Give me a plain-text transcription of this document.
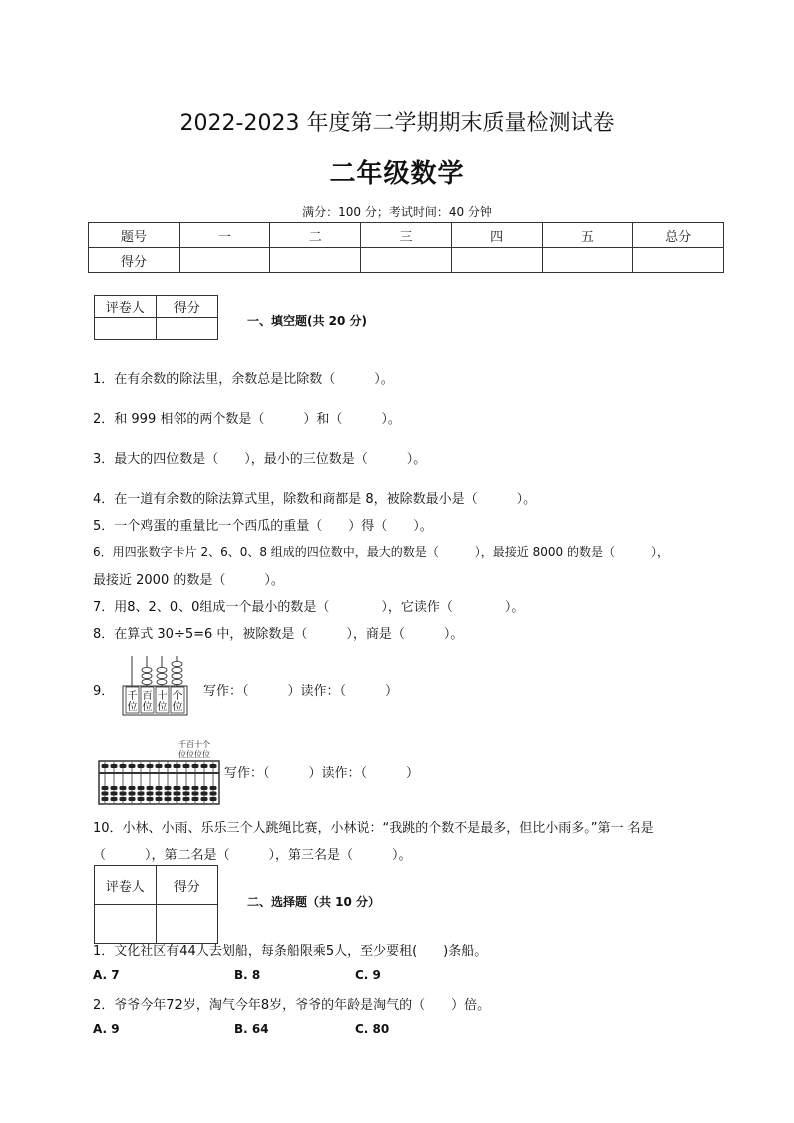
2022-2023 年度第二学期期末质量检测试卷
二年级数学
满分：100 分；考试时间：40 分钟
题号	一	二	三	四	五	总分
得分						
评卷人	得分

一、填空题(共 20 分)
1．在有余数的除法里，余数总是比除数（　　　）。
2．和 999 相邻的两个数是（　　　）和（　　　）。
3．最大的四位数是（　　），最小的三位数是（　　　）。
4．在一道有余数的除法算式里，除数和商都是 8，被除数最小是（　　　）。
5．一个鸡蛋的重量比一个西瓜的重量（　　）得（　　）。
6．用四张数字卡片 2、6、0、8 组成的四位数中，最大的数是（　　　），最接近 8000 的数是（　　　），
最接近 2000 的数是（　　　）。
7．用8、2、0、0组成一个最小的数是（　　　　），它读作（　　　　）。
8．在算式 30÷5=6 中，被除数是（　　　），商是（　　　）。
9． 千
位
百
位
十
位
个
位
写作：（　　　）读作：（　　　）
千百十个
位位位位
写作：（　　　）读作：（　　　）
10．小林、小雨、乐乐三个人跳绳比赛，小林说：“我跳的个数不是最多，但比小雨多。”第一 名是
（　　　），第二名是（　　　），第三名是（　　　）。
评卷人	得分

二、选择题（共 10 分）
1．文化社区有44人去划船，每条船限乘5人，至少要租(　　)条船。
A. 7	B. 8	C. 9
2．爷爷今年72岁，淘气今年8岁，爷爷的年龄是淘气的（　　）倍。
A. 9	B. 64	C. 80
